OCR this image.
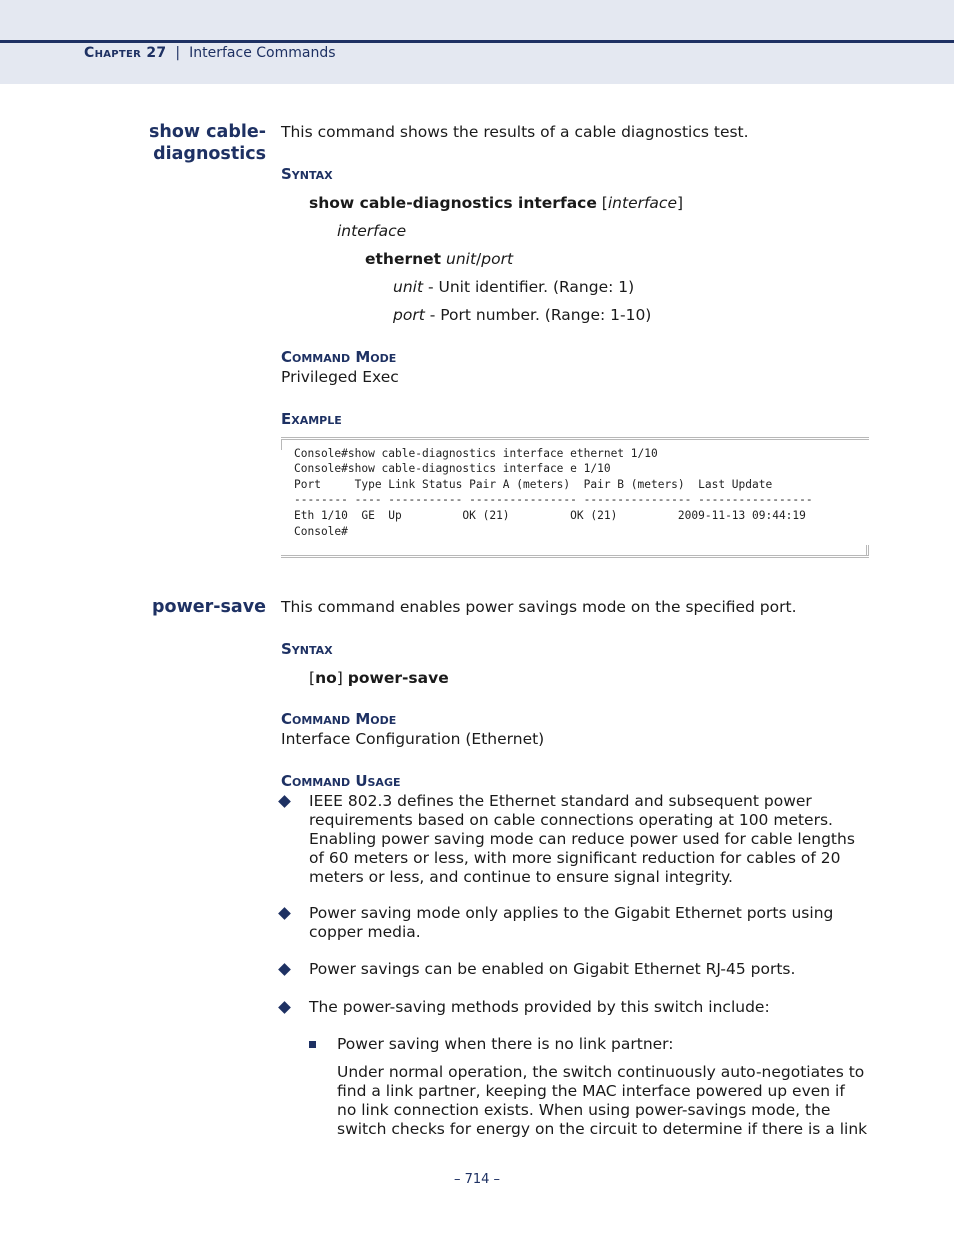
Chapter 27 | Interface Commands
show cable-
diagnostics
This command shows the results of a cable diagnostics test.
Syntax
show cable-diagnostics interface [interface]
interface
ethernet unit/port
unit - Unit identifier. (Range: 1)
port - Port number. (Range: 1-10)
Command Mode
Privileged Exec
Example
Console#show cable-diagnostics interface ethernet 1/10
Console#show cable-diagnostics interface e 1/10
Port     Type Link Status Pair A (meters)  Pair B (meters)  Last Update
-------- ---- ----------- ---------------- ---------------- -----------------
Eth 1/10  GE  Up         OK (21)         OK (21)         2009-11-13 09:44:19
Console#
power-save This command enables power savings mode on the specified port.
Syntax
[no] power-save
Command Mode
Interface Configuration (Ethernet)
Command Usage
IEEE 802.3 defines the Ethernet standard and subsequent power requirements based on cable connections operating at 100 meters. Enabling power saving mode can reduce power used for cable lengths of 60 meters or less, with more significant reduction for cables of 20 meters or less, and continue to ensure signal integrity.
Power saving mode only applies to the Gigabit Ethernet ports using copper media.
Power savings can be enabled on Gigabit Ethernet RJ-45 ports.
The power-saving methods provided by this switch include:
Power saving when there is no link partner:
Under normal operation, the switch continuously auto-negotiates to find a link partner, keeping the MAC interface powered up even if no link connection exists. When using power-savings mode, the switch checks for energy on the circuit to determine if there is a link
– 714 –
